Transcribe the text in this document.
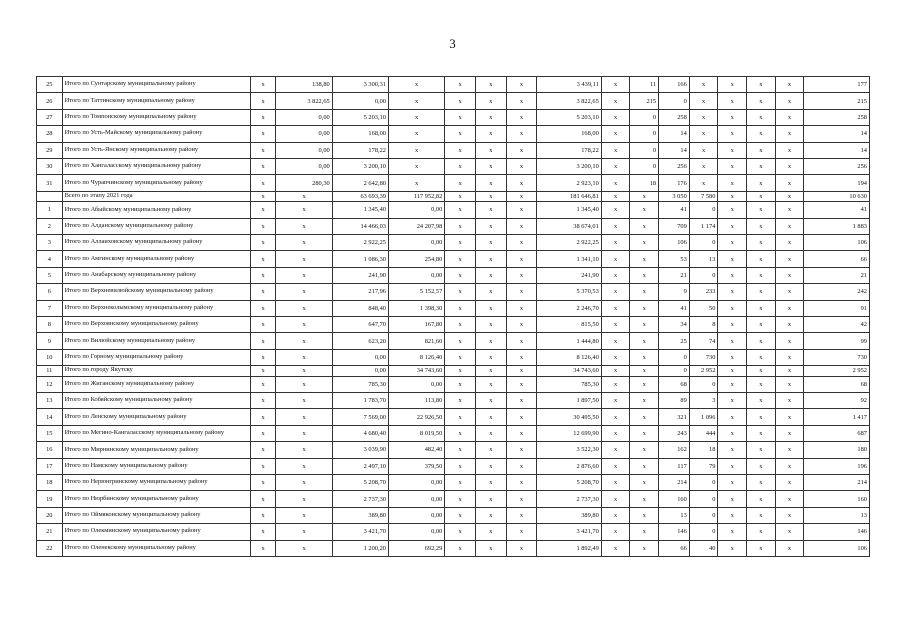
3
25	Итого по Сунтарскому муниципальному району	x	138,80	3 300,31	x	x	x	x	3 439,11	x	11	166	x	x	x	x	177
26	Итого по Таттинскому муниципальному району	x	3 822,65	0,00	x	x	x	x	3 822,65	x	215	0	x	x	x	x	215
27	Итого по Томпонскому муниципальному району	x	0,00	5 203,10	x	x	x	x	5 203,10	x	0	258	x	x	x	x	258
28	Итого по Усть-Майскому муниципальному району	x	0,00	168,00	x	x	x	x	168,00	x	0	14	x	x	x	x	14
29	Итого по Усть-Янскому муниципальному району	x	0,00	178,22	x	x	x	x	178,22	x	0	14	x	x	x	x	14
30	Итого по Хангаласскому муниципальному району	x	0,00	3 200,10	x	x	x	x	3 200,10	x	0	256	x	x	x	x	256
31	Итого по Чурапчинскому муниципальному району	x	280,30	2 642,80	x	x	x	x	2 923,10	x	18	176	x	x	x	x	194
	Всего по этапу 2021 года	x	x	63 693,39	117 952,82	x	x	x	181 646,81	x	x	3 050	7 580	x	x	x	10 630
1	Итого по Абыйскому муниципальному району	x	x	1 345,40	0,00	x	x	x	1 345,40	x	x	41	0	x	x	x	41
2	Итого по Алданскому муниципальному району	x	x	14 466,03	24 207,98	x	x	x	38 674,01	x	x	709	1 174	x	x	x	1 883
3	Итого по Аллаиховскому муниципальному району	x	x	2 922,25	0,00	x	x	x	2 922,25	x	x	106	0	x	x	x	106
4	Итого по Амгинскому муниципальному району	x	x	1 086,30	254,80	x	x	x	1 341,10	x	x	53	13	x	x	x	66
5	Итого по Анабарскому муниципальному району	x	x	241,90	0,00	x	x	x	241,90	x	x	21	0	x	x	x	21
6	Итого по Верхневилюйскому муниципальному району	x	x	217,96	5 152,57	x	x	x	5 370,53	x	x	9	233	x	x	x	242
7	Итого по Верхнеколымскому муниципальному району	x	x	848,40	1 398,30	x	x	x	2 246,70	x	x	41	50	x	x	x	91
8	Итого по Верхоянскому муниципальному району	x	x	647,70	167,80	x	x	x	815,50	x	x	34	8	x	x	x	42
9	Итого по Вилюйскому муниципальному району	x	x	623,20	821,60	x	x	x	1 444,80	x	x	25	74	x	x	x	99
10	Итого по Горному муниципальному району	x	x	0,00	8 126,40	x	x	x	8 126,40	x	x	0	730	x	x	x	730
11	Итого по городу Якутску	x	x	0,00	34 743,60	x	x	x	34 743,60	x	x	0	2 952	x	x	x	2 952
12	Итого по Жиганскому муниципальному району	x	x	785,30	0,00	x	x	x	785,30	x	x	68	0	x	x	x	68
13	Итого по Кобяйскому муниципальному району	x	x	1 783,70	113,80	x	x	x	1 897,50	x	x	89	3	x	x	x	92
14	Итого по Ленскому муниципальному району	x	x	7 569,00	22 926,50	x	x	x	30 495,50	x	x	321	1 096	x	x	x	1 417
15	Итого по Мегино-Кангаласскому муниципальному району	x	x	4 680,40	8 019,50	x	x	x	12 699,90	x	x	243	444	x	x	x	687
16	Итого по Мирнинскому муниципальному району	x	x	3 039,90	482,40	x	x	x	3 522,30	x	x	162	18	x	x	x	180
17	Итого по Намскому муниципальному району	x	x	2 497,10	379,50	x	x	x	2 876,60	x	x	117	79	x	x	x	196
18	Итого по Нерюнгринскому муниципальному району	x	x	5 208,70	0,00	x	x	x	5 208,70	x	x	214	0	x	x	x	214
19	Итого по Нюрбинскому муниципальному району	x	x	2 737,30	0,00	x	x	x	2 737,30	x	x	160	0	x	x	x	160
20	Итого по Оймяконскому муниципальному району	x	x	389,80	0,00	x	x	x	389,80	x	x	13	0	x	x	x	13
21	Итого по Олекминскому муниципальному району	x	x	3 421,70	0,00	x	x	x	3 421,70	x	x	146	0	x	x	x	146
22	Итого по Оленекскому муниципальному району	x	x	1 200,20	692,29	x	x	x	1 892,49	x	x	66	40	x	x	x	106
